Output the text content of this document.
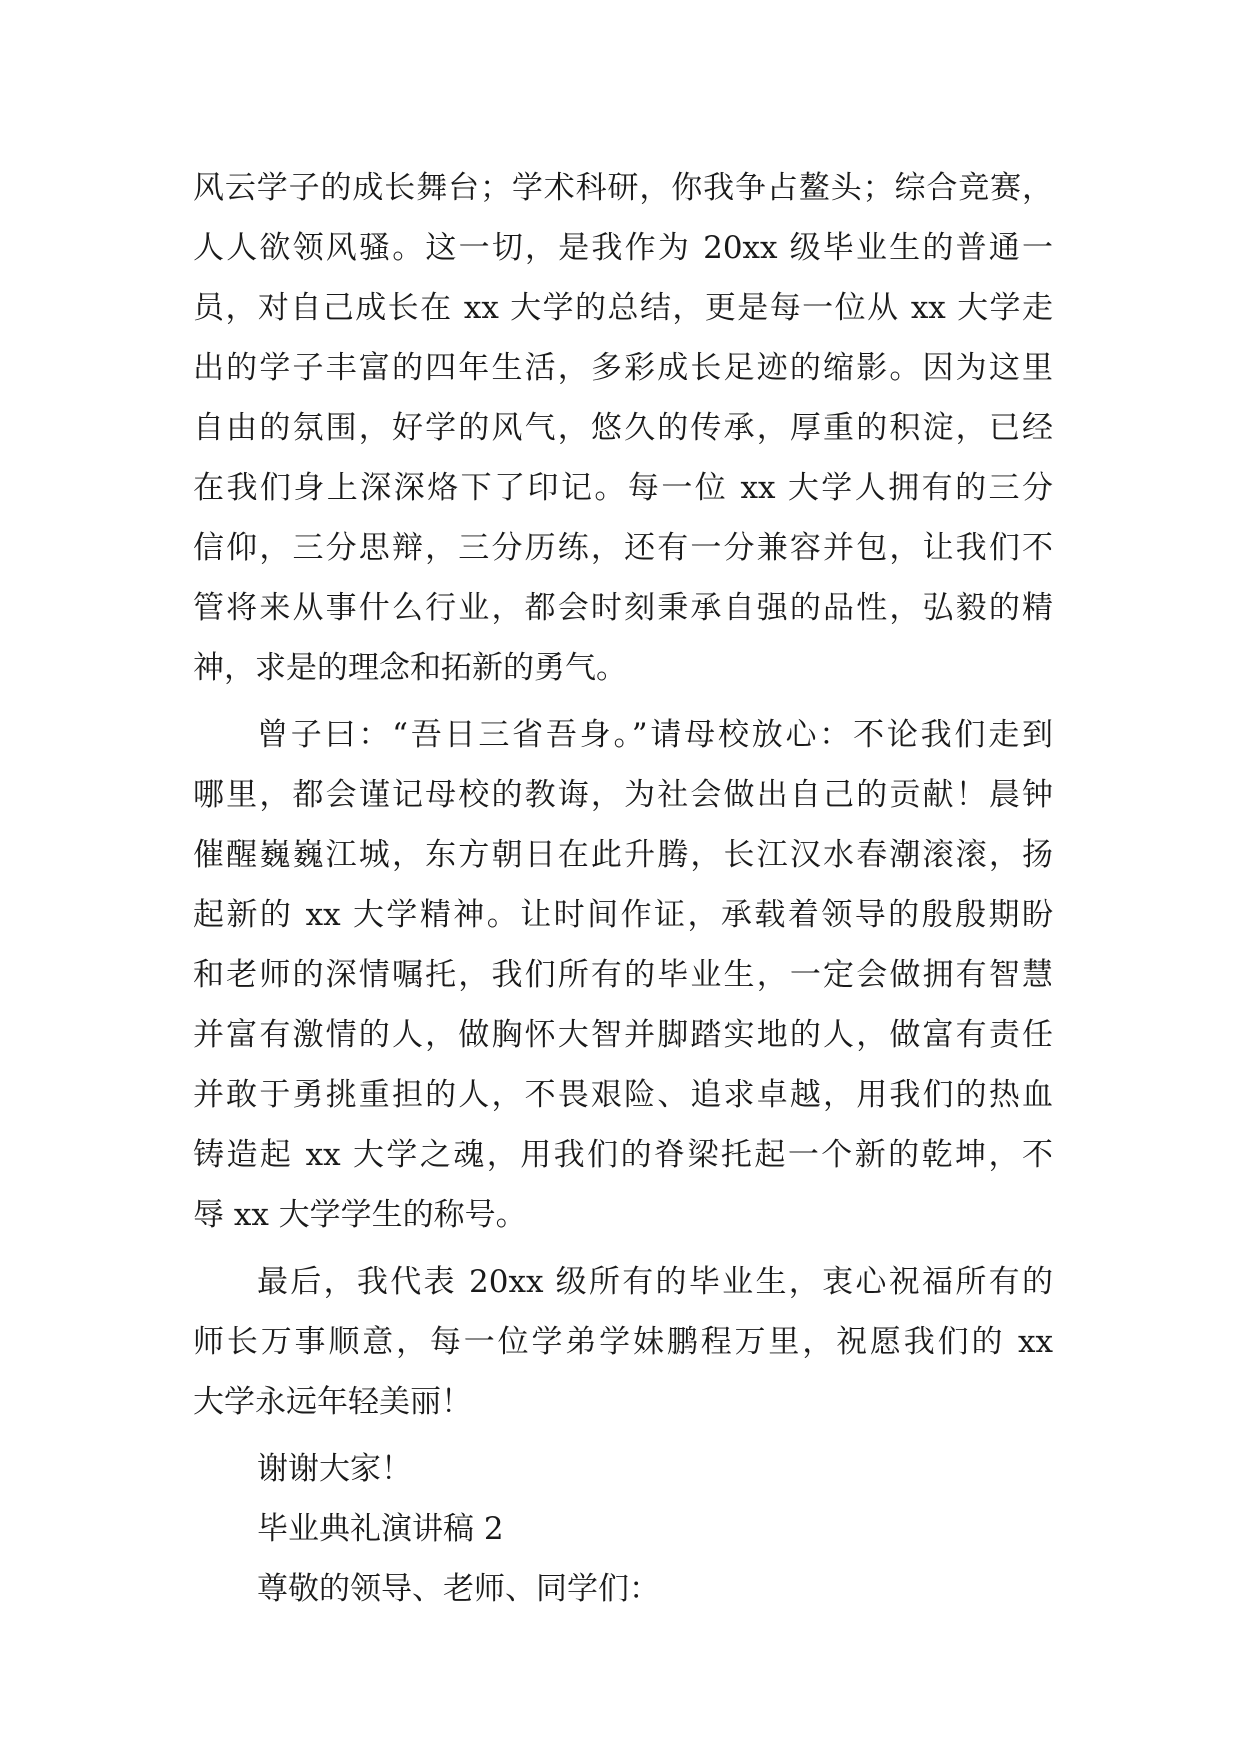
风云学子的成长舞台；学术科研，你我争占鳌头；综合竞赛，
人人欲领风骚。这一切，是我作为 20xx 级毕业生的普通一
员，对自己成长在 xx 大学的总结，更是每一位从 xx 大学走
出的学子丰富的四年生活，多彩成长足迹的缩影。因为这里
自由的氛围，好学的风气，悠久的传承，厚重的积淀，已经
在我们身上深深烙下了印记。每一位 xx 大学人拥有的三分
信仰，三分思辩，三分历练，还有一分兼容并包，让我们不
管将来从事什么行业，都会时刻秉承自强的品性，弘毅的精
神，求是的理念和拓新的勇气。
曾子曰：“吾日三省吾身。”请母校放心：不论我们走到
哪里，都会谨记母校的教诲，为社会做出自己的贡献！晨钟
催醒巍巍江城，东方朝日在此升腾，长江汉水春潮滚滚，扬
起新的 xx 大学精神。让时间作证，承载着领导的殷殷期盼
和老师的深情嘱托，我们所有的毕业生，一定会做拥有智慧
并富有激情的人，做胸怀大智并脚踏实地的人，做富有责任
并敢于勇挑重担的人，不畏艰险、追求卓越，用我们的热血
铸造起 xx 大学之魂，用我们的脊梁托起一个新的乾坤，不
辱 xx 大学学生的称号。
最后，我代表 20xx 级所有的毕业生，衷心祝福所有的
师长万事顺意，每一位学弟学妹鹏程万里，祝愿我们的 xx
大学永远年轻美丽！
谢谢大家！
毕业典礼演讲稿 2
尊敬的领导、老师、同学们：
